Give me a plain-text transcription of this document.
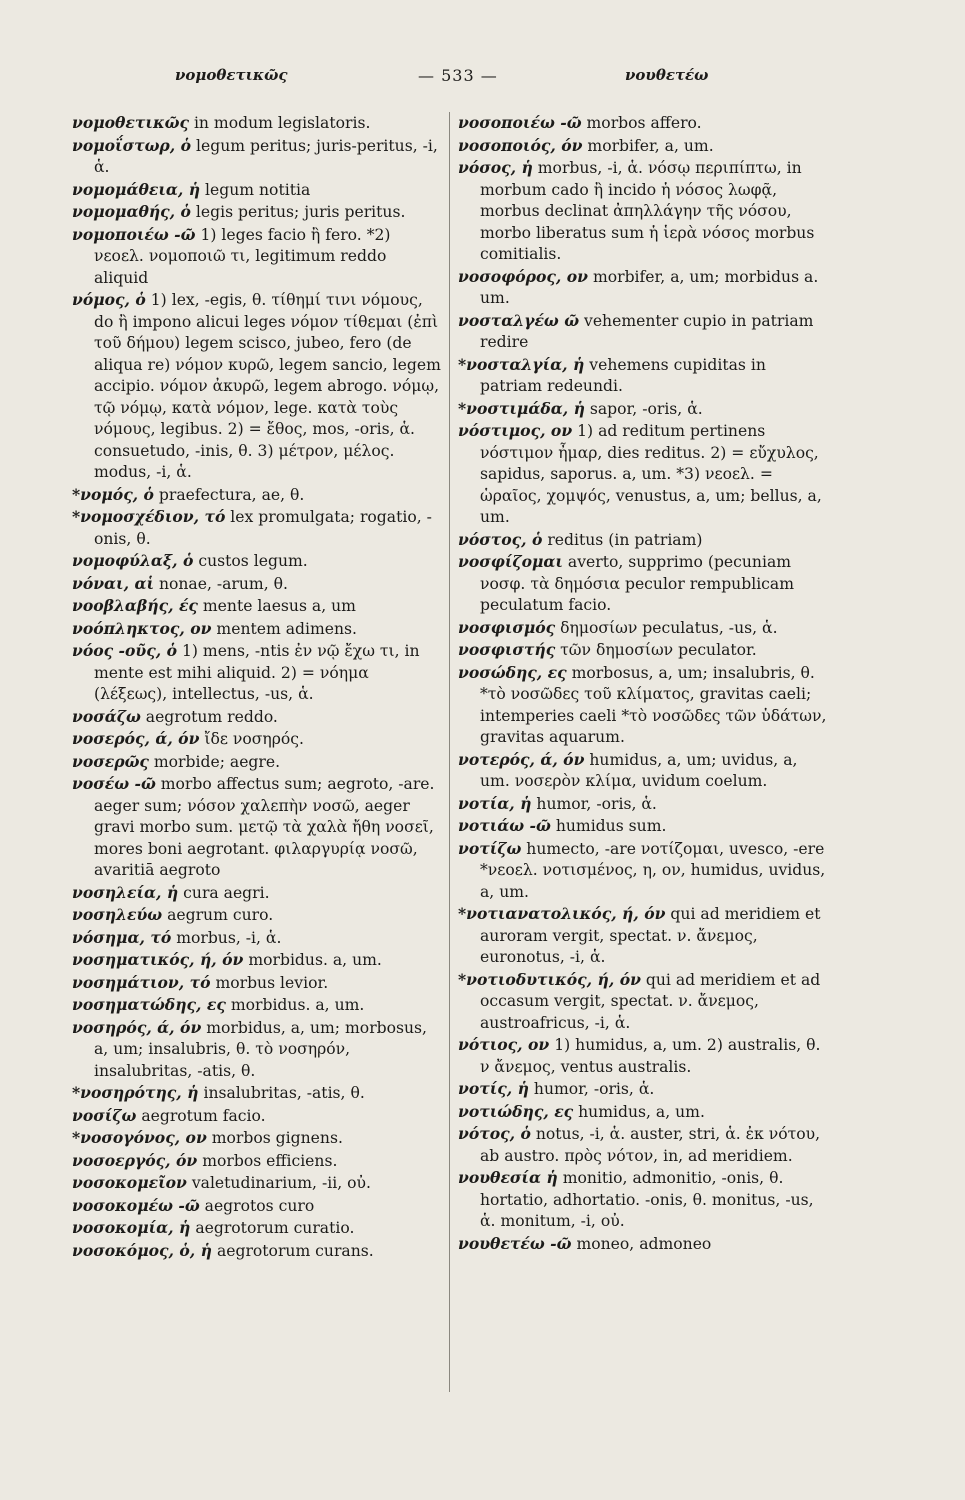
νομοθετικῶς	— 533 —	νουθετέω

νομοθετικῶς in modum legislatoris.

νομοΐστωρ, ὁ legum peritus; juris-peritus, -i, ἁ.

νομομάθεια, ἡ legum notitia

νομομαθής, ὁ legis peritus; juris peritus.

νομοποιέω -ῶ 1) leges facio ἢ fero. *2) νεοελ. νομοποιῶ τι, legitimum reddo aliquid

νόμος, ὁ 1) lex, -egis, θ. τίθημί τινι νόμους, do ἢ impono alicui leges νόμον τίθεμαι (ἐπὶ τοῦ δήμου) legem scisco, jubeo, fero (de aliqua re) νόμον κυρῶ, legem sancio, legem accipio. νόμον ἀκυρῶ, legem abrogo. νόμῳ, τῷ νόμῳ, κατὰ νόμον, lege. κατὰ τοὺς νόμους, legibus. 2) = ἔθος, mos, -oris, ἁ. consuetudo, -inis, θ. 3) μέτρον, μέλος. modus, -i, ἁ.

*νομός, ὁ praefectura, ae, θ.

*νομοσχέδιον, τό lex promulgata; rogatio, -onis, θ.

νομοφύλαξ, ὁ custos legum.

νόναι, αἱ nonae, -arum, θ.

νοοβλαβής, ές mente laesus a, um

νοόπληκτος, ον mentem adimens.

νόος -οῦς, ὁ 1) mens, -ntis ἐν νῷ ἔχω τι, in mente est mihi aliquid. 2) = νόημα (λέξεως), intellectus, -us, ἁ.

νοσάζω aegrotum reddo.

νοσερός, ά, όν ἴδε νοσηρός.

νοσερῶς morbide; aegre.

νοσέω -ῶ morbo affectus sum; aegroto, -are. aeger sum; νόσον χαλεπὴν νοσῶ, aeger gravi morbo sum. μετῷ τὰ χαλὰ ἤθη νοσεῖ, mores boni aegrotant. φιλαργυρίᾳ νοσῶ, avaritiā aegroto

νοσηλεία, ἡ cura aegri.

νοσηλεύω aegrum curo.

νόσημα, τό morbus, -i, ἁ.

νοσηματικός, ή, όν morbidus. a, um.

νοσημάτιον, τό morbus levior.

νοσηματώδης, ες morbidus. a, um.

νοσηρός, ά, όν morbidus, a, um; morbosus, a, um; insalubris, θ. τὸ νοσηρόν, insalubritas, -atis, θ.

*νοσηρότης, ἡ insalubritas, -atis, θ.

νοσίζω aegrotum facio.

*νοσογόνος, ον morbos gignens.

νοσοεργός, όν morbos efficiens.

νοσοκομεῖον valetudinarium, -ii, οὐ.

νοσοκομέω -ῶ aegrotos curo

νοσοκομία, ἡ aegrotorum curatio.

νοσοκόμος, ὁ, ἡ aegrotorum curans.

νοσοποιέω -ῶ morbos affero.

νοσοποιός, όν morbifer, a, um.

νόσος, ἡ morbus, -i, ἁ. νόσῳ περιπίπτω, in morbum cado ἢ incido ἡ νόσος λωφᾷ, morbus declinat ἀπηλλάγην τῆς νόσου, morbo liberatus sum ἡ ἱερὰ νόσος morbus comitialis.

νοσοφόρος, ον morbifer, a, um; morbidus a. um.

νοσταλγέω ῶ vehementer cupio in patriam redire

*νοσταλγία, ἡ vehemens cupiditas in patriam redeundi.

*νοστιμάδα, ἡ sapor, -oris, ἁ.

νόστιμος, ον 1) ad reditum pertinens νόστιμον ἦμαρ, dies reditus. 2) = εὔχυλος, sapidus, saporus. a, um. *3) νεοελ. = ὡραῖος, χομψός, venustus, a, um; bellus, a, um.

νόστος, ὁ reditus (in patriam)

νοσφίζομαι averto, supprimo (pecuniam νοσφ. τὰ δημόσια peculor rempublicam peculatum facio.

νοσφισμός δημοσίων peculatus, -us, ἁ.

νοσφιστής τῶν δημοσίων peculator.

νοσώδης, ες morbosus, a, um; insalubris, θ. *τὸ νοσῶδες τοῦ κλίματος, gravitas caeli; intemperies caeli *τὸ νοσῶδες τῶν ὑδάτων, gravitas aquarum.

νοτερός, ά, όν humidus, a, um; uvidus, a, um. νοσερὸν κλίμα, uvidum coelum.

νοτία, ἡ humor, -oris, ἁ.

νοτιάω -ῶ humidus sum.

νοτίζω humecto, -are νοτίζομαι, uvesco, -ere *νεοελ. νοτισμένος, η, ον, humidus, uvidus, a, um.

*νοτιανατολικός, ή, όν qui ad meridiem et auroram vergit, spectat. ν. ἄνεμος, euronotus, -i, ἁ.

*νοτιοδυτικός, ή, όν qui ad meridiem et ad occasum vergit, spectat. ν. ἄνεμος, austroafricus, -i, ἁ.

νότιος, ον 1) humidus, a, um. 2) australis, θ. ν ἄνεμος, ventus australis.

νοτίς, ἡ humor, -oris, ἁ.

νοτιώδης, ες humidus, a, um.

νότος, ὁ notus, -i, ἁ. auster, stri, ἁ. ἐκ νότου, ab austro. πρὸς νότον, in, ad meridiem.

νουθεσία ἡ monitio, admonitio, -onis, θ. hortatio, adhortatio. -onis, θ. monitus, -us, ἁ. monitum, -i, οὐ.

νουθετέω -ῶ moneo, admoneo
